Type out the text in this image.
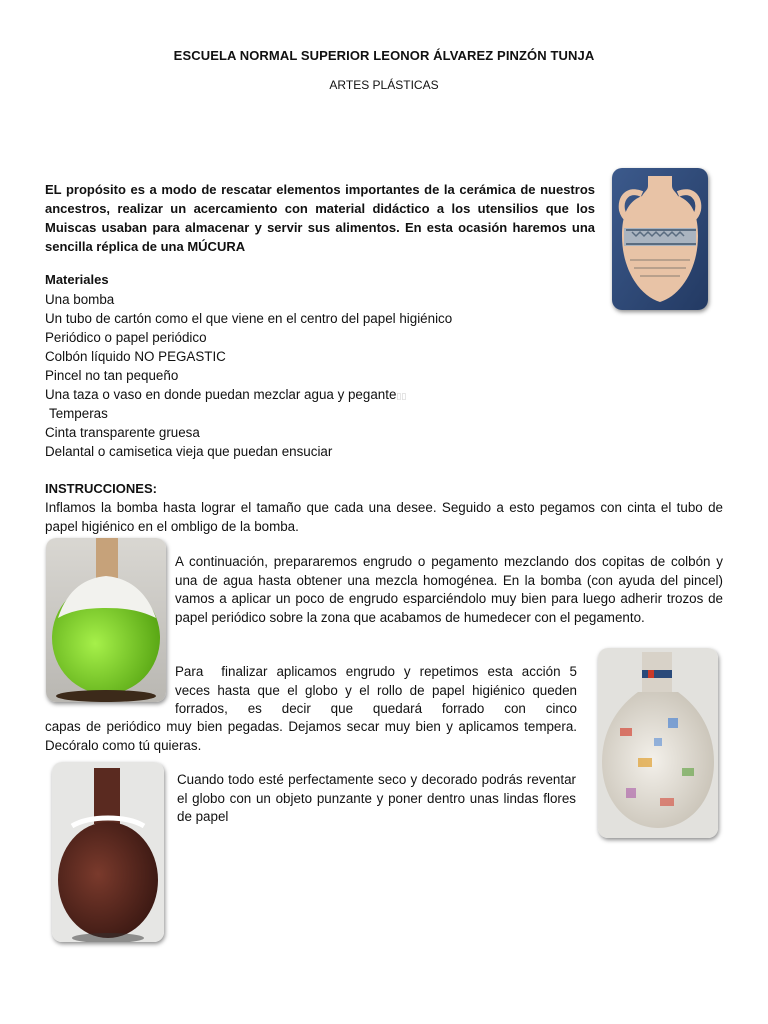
ESCUELA NORMAL SUPERIOR LEONOR ÁLVAREZ PINZÓN TUNJA
ARTES PLÁSTICAS
EL propósito es a modo de rescatar elementos importantes de la cerámica de nuestros ancestros, realizar un acercamiento con material didáctico a los utensilios que los Muiscas usaban para almacenar y servir sus alimentos. En esta ocasión haremos una sencilla réplica de una MÚCURA
Materiales
Una bomba
Un tubo de cartón como el que viene en el centro del papel higiénico
Periódico o papel periódico
Colbón líquido NO PEGASTIC
Pincel no tan pequeño
Una taza o vaso en donde puedan mezclar agua y pegante▯▯
Temperas
Cinta transparente gruesa
Delantal o camisetica vieja que puedan ensuciar
INSTRUCCIONES:
Inflamos la bomba hasta lograr el tamaño que cada una desee. Seguido a esto pegamos con cinta el tubo de papel higiénico en el ombligo de la bomba.
A continuación, prepararemos engrudo o pegamento mezclando dos copitas de colbón y una de agua hasta obtener una mezcla homogénea. En la bomba (con ayuda del pincel) vamos a aplicar un poco de engrudo esparciéndolo muy bien para luego adherir trozos de papel periódico sobre la zona que acabamos de humedecer con el pegamento.
Para finalizar aplicamos engrudo y repetimos esta acción 5 veces hasta que el globo y el rollo de papel higiénico queden forrados, es decir que quedará forrado con cinco
capas de periódico muy bien pegadas. Dejamos secar muy bien y aplicamos tempera. Decóralo como tú quieras.
Cuando todo esté perfectamente seco y decorado podrás reventar el globo con un objeto punzante y poner dentro unas lindas flores de papel
